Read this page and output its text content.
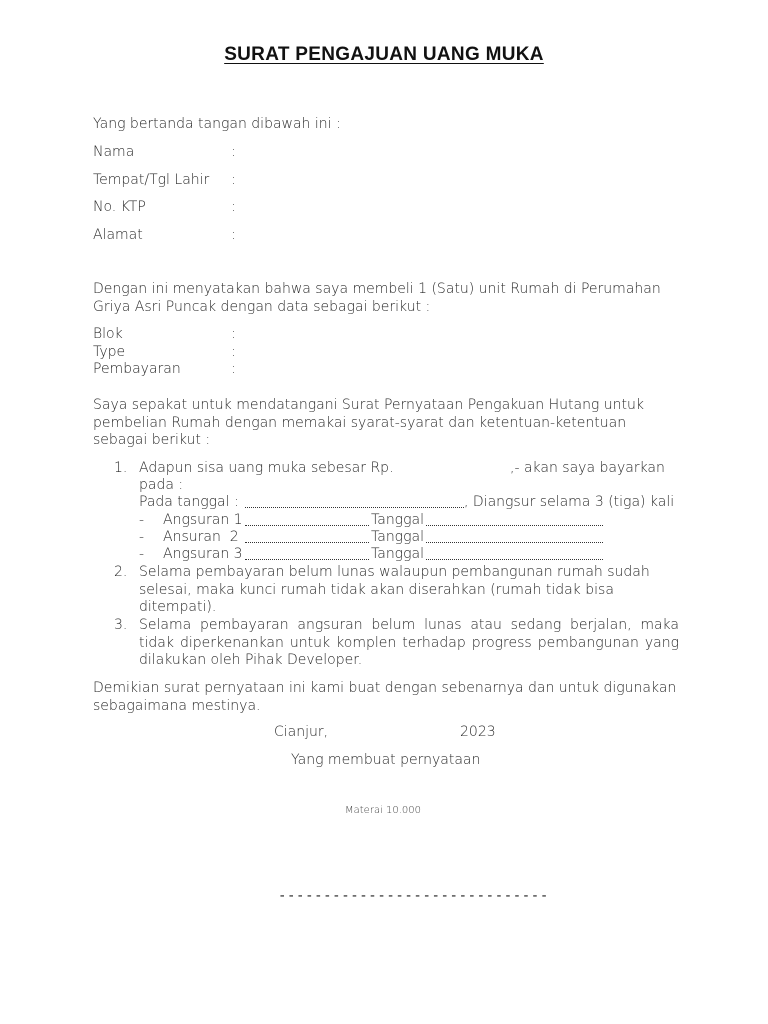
SURAT PENGAJUAN UANG MUKA
Yang bertanda tangan dibawah ini :
Nama	:
Tempat/Tgl Lahir :
No. KTP	:
Alamat	:
Dengan ini menyatakan bahwa saya membeli 1 (Satu) unit Rumah di Perumahan Griya Asri Puncak dengan data sebagai berikut :
Blok	:
Type	:
Pembayaran	:
Saya sepakat untuk mendatangani Surat Pernyataan Pengakuan Hutang untuk pembelian Rumah dengan memakai syarat-syarat dan ketentuan-ketentuan sebagai berikut :
1. Adapun sisa uang muka sebesar Rp.	,- akan saya bayarkan
pada :
Pada tanggal :	, Diangsur selama 3 (tiga) kali
- Angsuran 1	Tanggal
- Ansuran  2	Tanggal
- Angsuran 3	Tanggal
2. Selama pembayaran belum lunas walaupun pembangunan rumah sudah selesai, maka kunci rumah tidak akan diserahkan (rumah tidak bisa ditempati).
3. Selama pembayaran angsuran belum lunas atau sedang berjalan, maka tidak diperkenankan untuk komplen terhadap progress pembangunan yang dilakukan oleh Pihak Developer.
Demikian surat pernyataan ini kami buat dengan sebenarnya dan untuk digunakan sebagaimana mestinya.
Cianjur,	2023
Yang membuat pernyataan
Materai 10.000
------------------------------
